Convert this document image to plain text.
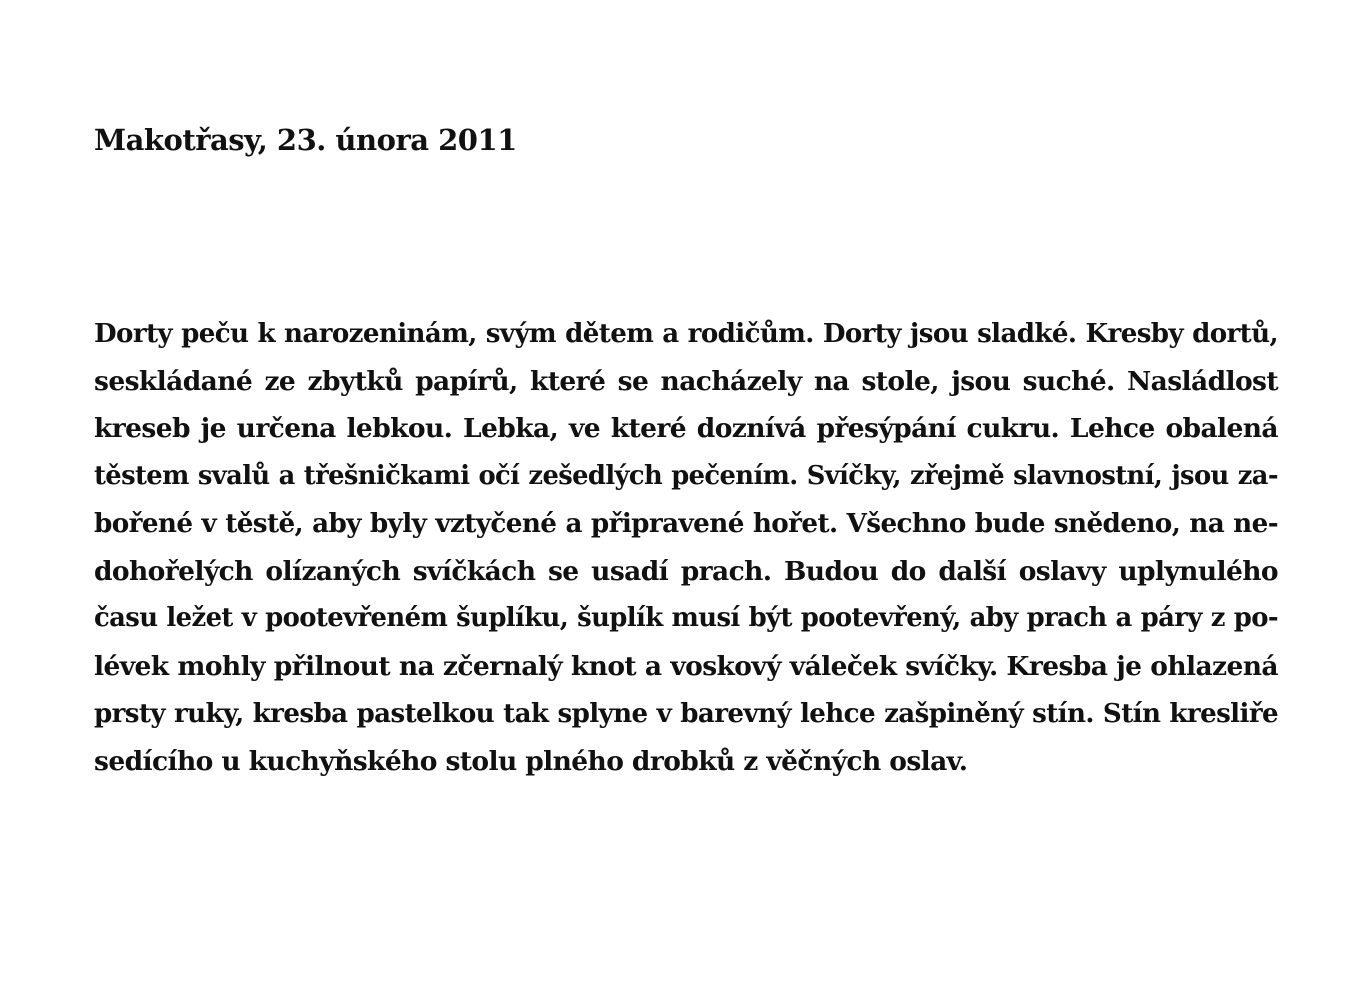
Makotřasy, 23. února 2011

Dorty peču k narozeninám, svým dětem a rodičům. Dorty jsou sladké. Kresby dortů,
seskládané ze zbytků papírů, které se nacházely na stole, jsou suché. Nasládlost
kreseb je určena lebkou. Lebka, ve které doznívá přesýpání cukru. Lehce obalená
těstem svalů a třešničkami očí zešedlých pečením. Svíčky, zřejmě slavnostní, jsou za-
bořené v těstě, aby byly vztyčené a připravené hořet. Všechno bude snědeno, na ne-
dohořelých olízaných svíčkách se usadí prach. Budou do další oslavy uplynulého
času ležet v pootevřeném šuplíku, šuplík musí být pootevřený, aby prach a páry z po-
lévek mohly přilnout na zčernalý knot a voskový váleček svíčky. Kresba je ohlazená
prsty ruky, kresba pastelkou tak splyne v barevný lehce zašpiněný stín. Stín kresliře
sedícího u kuchyňského stolu plného drobků z věčných oslav.
